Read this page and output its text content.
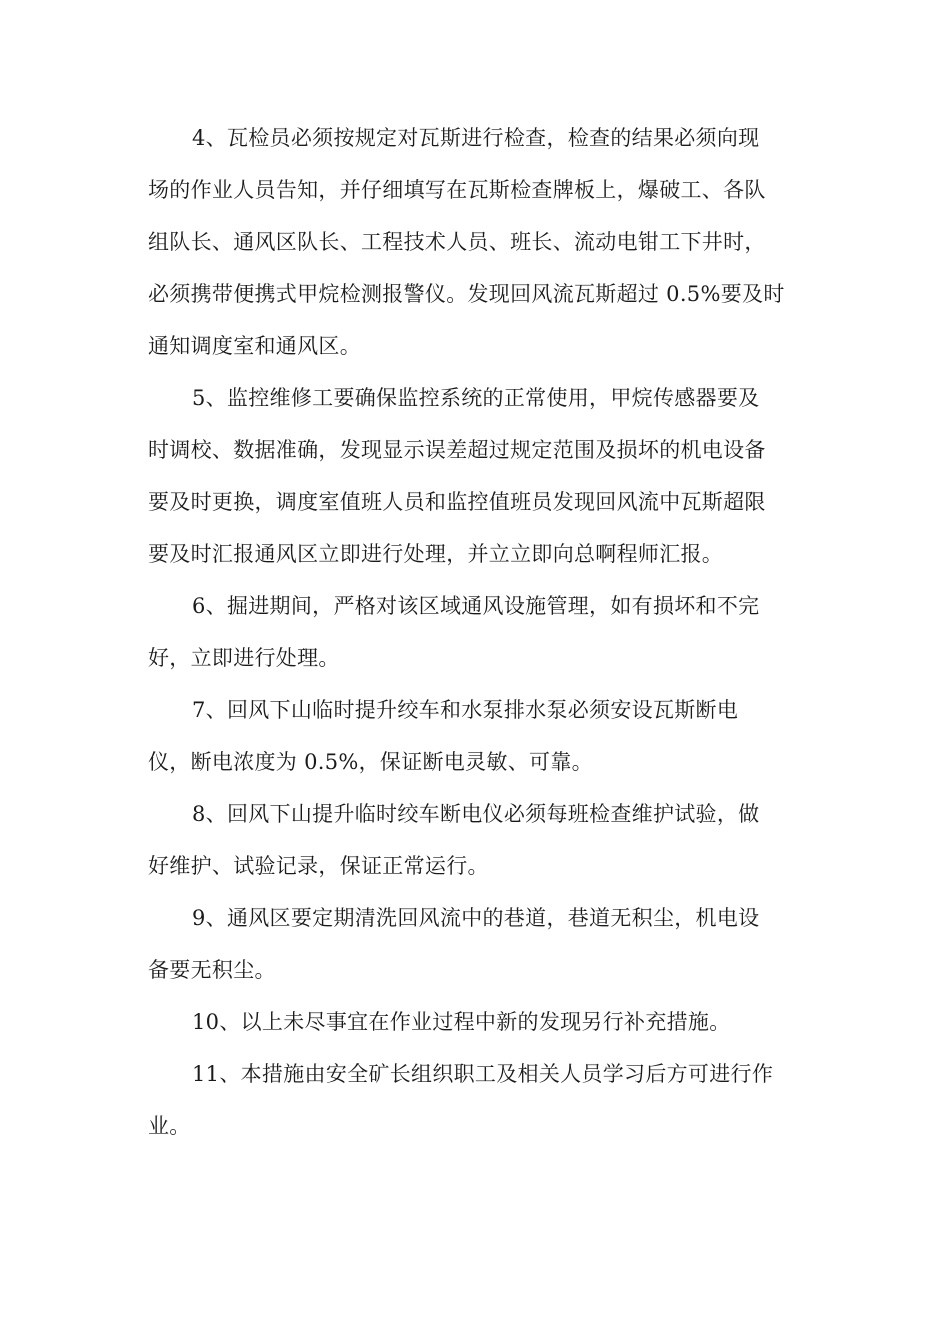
4、瓦检员必须按规定对瓦斯进行检查，检查的结果必须向现
场的作业人员告知，并仔细填写在瓦斯检查牌板上，爆破工、各队
组队长、通风区队长、工程技术人员、班长、流动电钳工下井时，
必须携带便携式甲烷检测报警仪。发现回风流瓦斯超过 0.5%要及时
通知调度室和通风区。
5、监控维修工要确保监控系统的正常使用，甲烷传感器要及
时调校、数据准确，发现显示误差超过规定范围及损坏的机电设备
要及时更换，调度室值班人员和监控值班员发现回风流中瓦斯超限
要及时汇报通风区立即进行处理，并立立即向总啊程师汇报。
6、掘进期间，严格对该区域通风设施管理，如有损坏和不完
好，立即进行处理。
7、回风下山临时提升绞车和水泵排水泵必须安设瓦斯断电
仪，断电浓度为 0.5%，保证断电灵敏、可靠。
8、回风下山提升临时绞车断电仪必须每班检查维护试验，做
好维护、试验记录，保证正常运行。
9、通风区要定期清洗回风流中的巷道，巷道无积尘，机电设
备要无积尘。
10、以上未尽事宜在作业过程中新的发现另行补充措施。
11、本措施由安全矿长组织职工及相关人员学习后方可进行作
业。
